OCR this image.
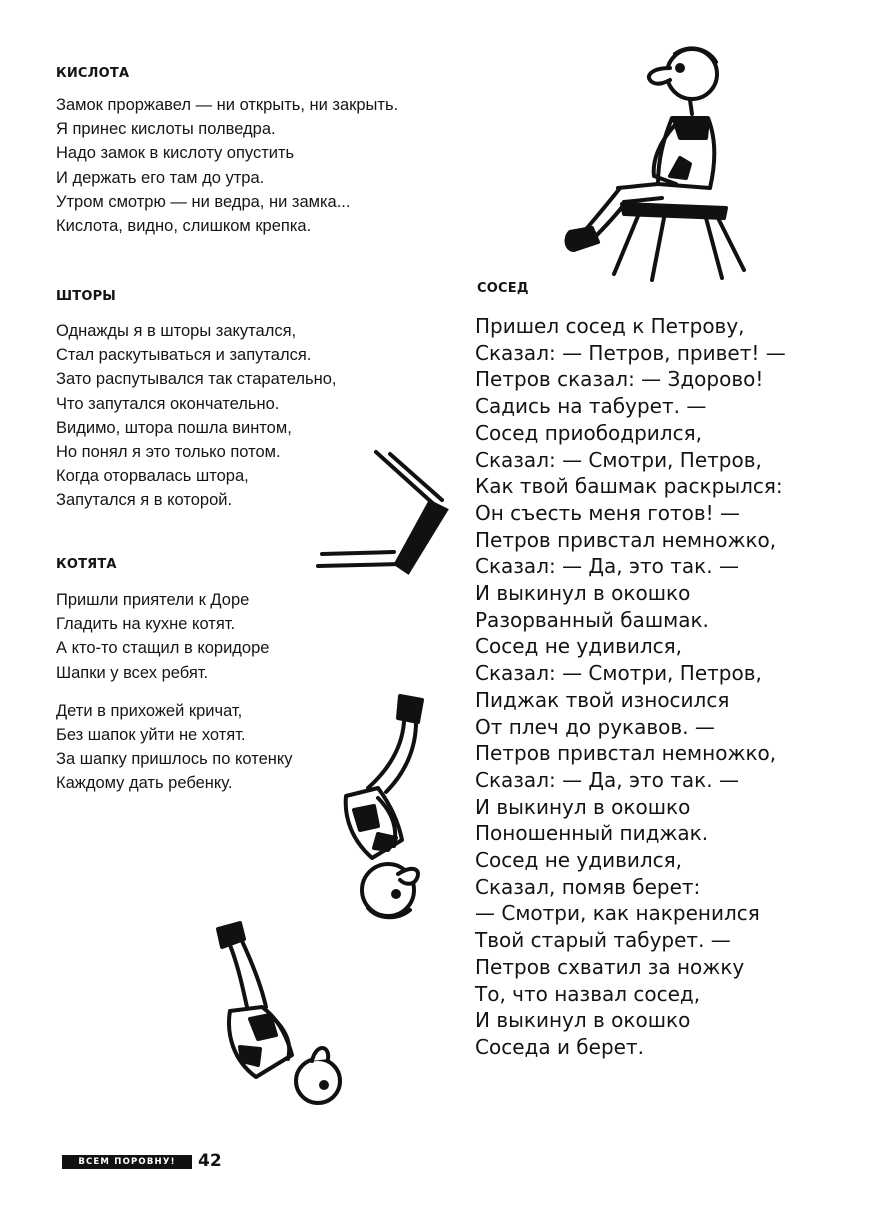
КИСЛОТА
Замок проржавел — ни открыть, ни закрыть.
Я принес кислоты полведра.
Надо замок в кислоту опустить
И держать его там до утра.
Утром смотрю — ни ведра, ни замка...
Кислота, видно, слишком крепка.
ШТОРЫ
Однажды я в шторы закутался,
Стал раскутываться и запутался.
Зато распутывался так старательно,
Что запутался окончательно.
Видимо, штора пошла винтом,
Но понял я это только потом.
Когда оторвалась штора,
Запутался я в которой.
КОТЯТА
Пришли приятели к Доре
Гладить на кухне котят.
А кто-то стащил в коридоре
Шапки у всех ребят.
Дети в прихожей кричат,
Без шапок уйти не хотят.
За шапку пришлось по котенку
Каждому дать ребенку.
СОСЕД
Пришел сосед к Петрову,
Сказал: — Петров, привет! —
Петров сказал: — Здорово!
Садись на табурет. —
Сосед приободрился,
Сказал: — Смотри, Петров,
Как твой башмак раскрылся:
Он съесть меня готов! —
Петров привстал немножко,
Сказал: — Да, это так. —
И выкинул в окошко
Разорванный башмак.
Сосед не удивился,
Сказал: — Смотри, Петров,
Пиджак твой износился
От плеч до рукавов. —
Петров привстал немножко,
Сказал: — Да, это так. —
И выкинул в окошко
Поношенный пиджак.
Сосед не удивился,
Сказал, помяв берет:
— Смотри, как накренился
Твой старый табурет. —
Петров схватил за ножку
То, что назвал сосед,
И выкинул в окошко
Соседа и берет.
ВСЕМ ПОРОВНУ!	42
